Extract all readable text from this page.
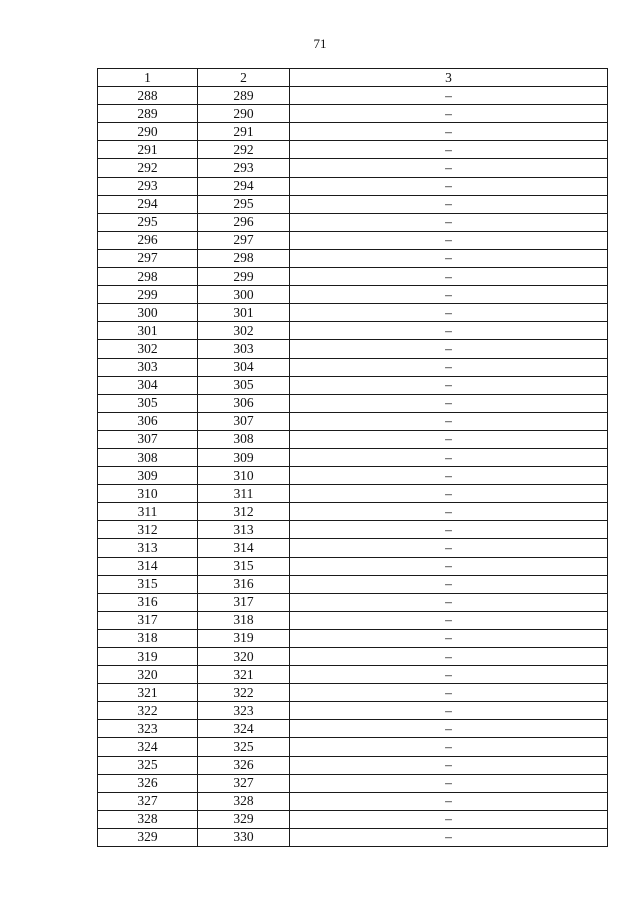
71
1	2	3
288	289	–
289	290	–
290	291	–
291	292	–
292	293	–
293	294	–
294	295	–
295	296	–
296	297	–
297	298	–
298	299	–
299	300	–
300	301	–
301	302	–
302	303	–
303	304	–
304	305	–
305	306	–
306	307	–
307	308	–
308	309	–
309	310	–
310	311	–
311	312	–
312	313	–
313	314	–
314	315	–
315	316	–
316	317	–
317	318	–
318	319	–
319	320	–
320	321	–
321	322	–
322	323	–
323	324	–
324	325	–
325	326	–
326	327	–
327	328	–
328	329	–
329	330	–
